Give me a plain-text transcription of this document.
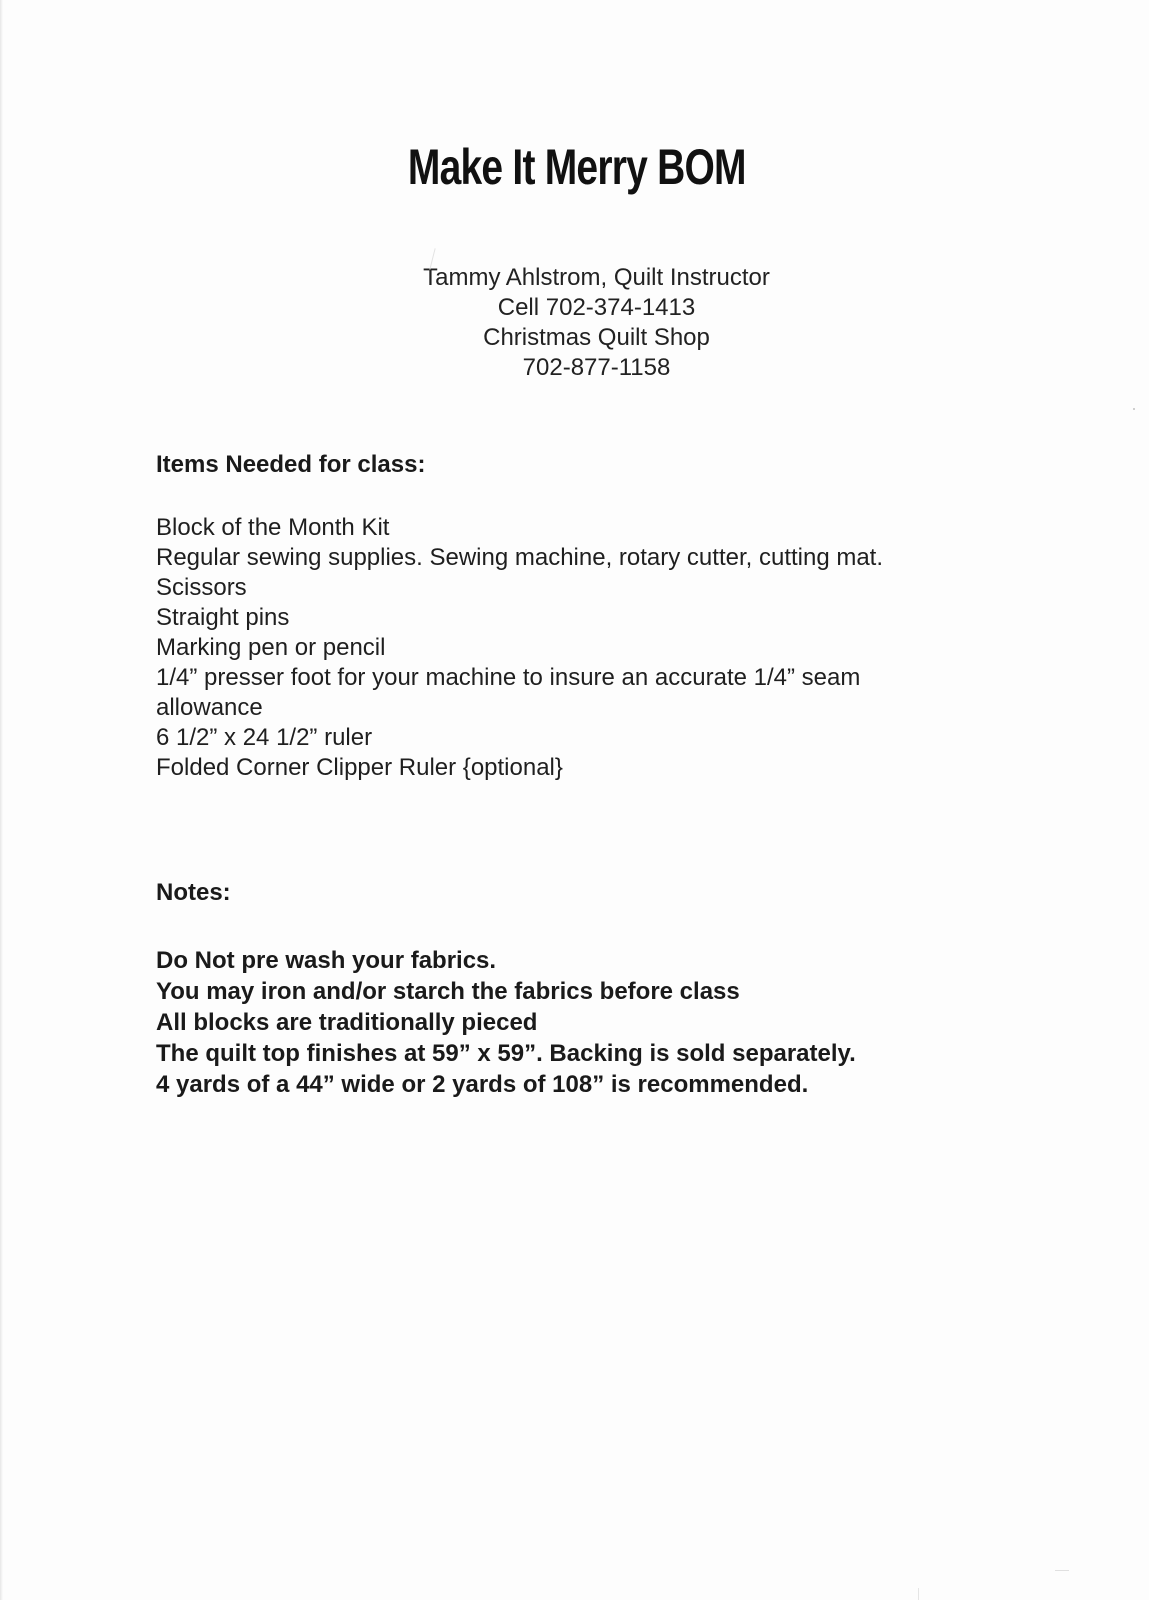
Make It Merry BOM
Tammy Ahlstrom, Quilt Instructor
Cell 702-374-1413
Christmas Quilt Shop
702-877-1158
Items Needed for class:
Block of the Month Kit
Regular sewing supplies. Sewing machine, rotary cutter, cutting mat.
Scissors
Straight pins
Marking pen or pencil
1/4” presser foot for your machine to insure an accurate 1/4” seam
allowance
6 1/2” x 24 1/2” ruler
Folded Corner Clipper Ruler {optional}
Notes:
Do Not pre wash your fabrics.
You may iron and/or starch the fabrics before class
All blocks are traditionally pieced
The quilt top finishes at 59” x 59”. Backing is sold separately.
4 yards of a 44” wide or 2 yards of 108” is recommended.
